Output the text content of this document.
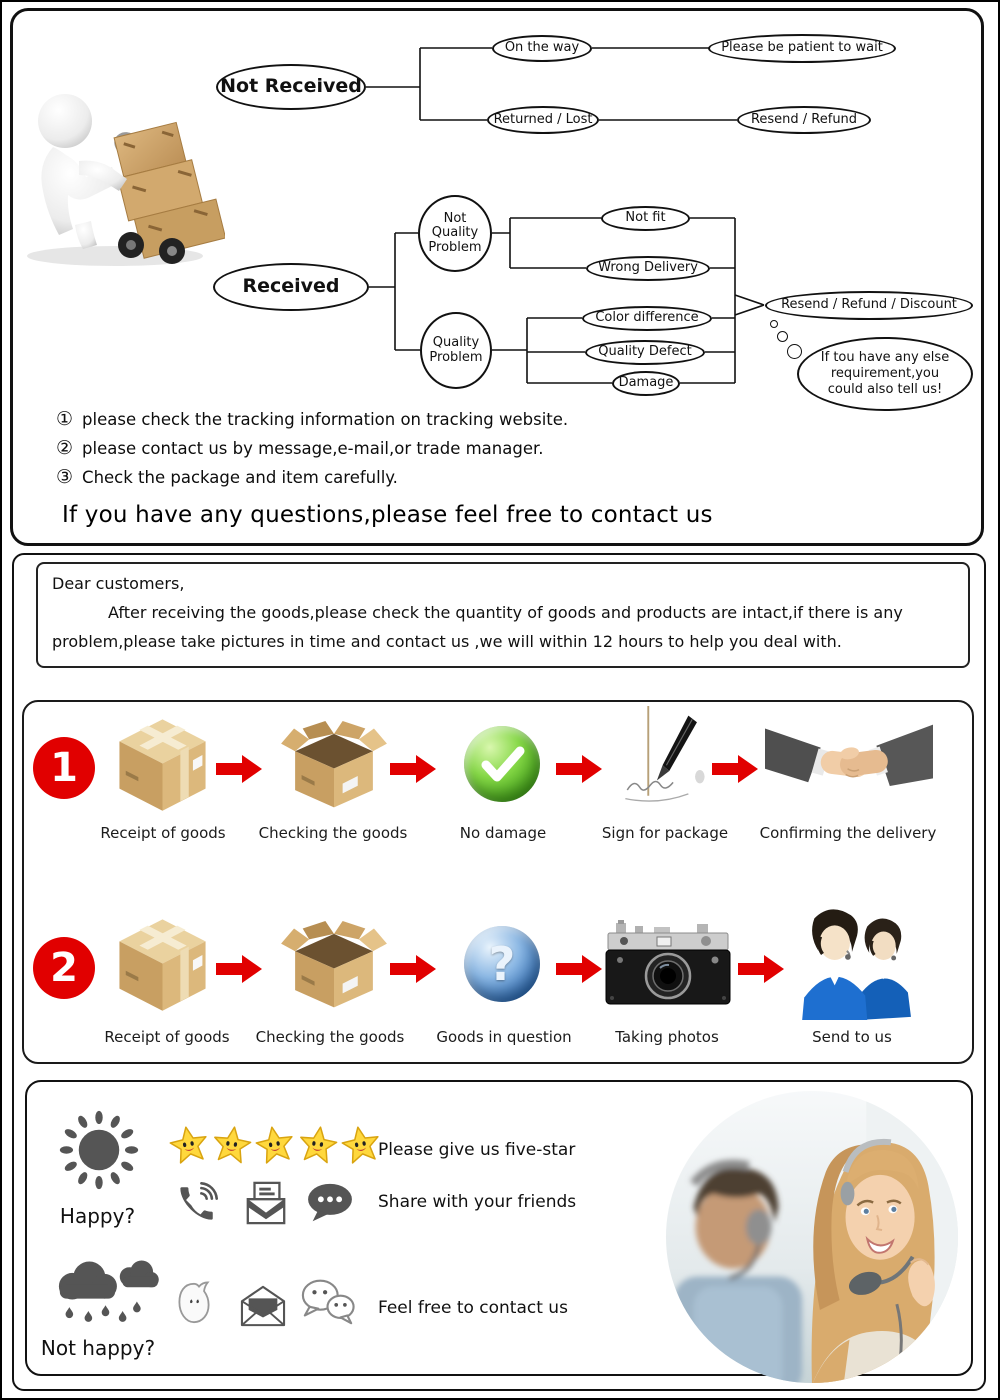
Not Received
On the way	Please be patient to wait
Returned / Lost	Resend / Refund
Received
Not Quality Problem
Quality Problem
Not fit
Wrong Delivery
Color difference
Quality Defect
Damage
Resend / Refund / Discount
If tou have any else requirement,you could also tell us!
① please check the tracking information on tracking website.
② please contact us by message,e-mail,or trade manager.
③ Check the package and item carefully.
If you have any questions,please feel free to contact us
Dear customers,

After receiving the goods,please check the quantity of goods and products are intact,if there is any problem,please take pictures in time and contact us ,we will within 12 hours to help you deal with.

1
Receipt of goods	Checking the goods	No damage	Sign for package	Confirming the delivery
2	?
Receipt of goods	Checking the goods	Goods in question	Taking photos	Send to us
Happy?
Please give us five-star
Share with your friends
Not happy?
Feel free to contact us
